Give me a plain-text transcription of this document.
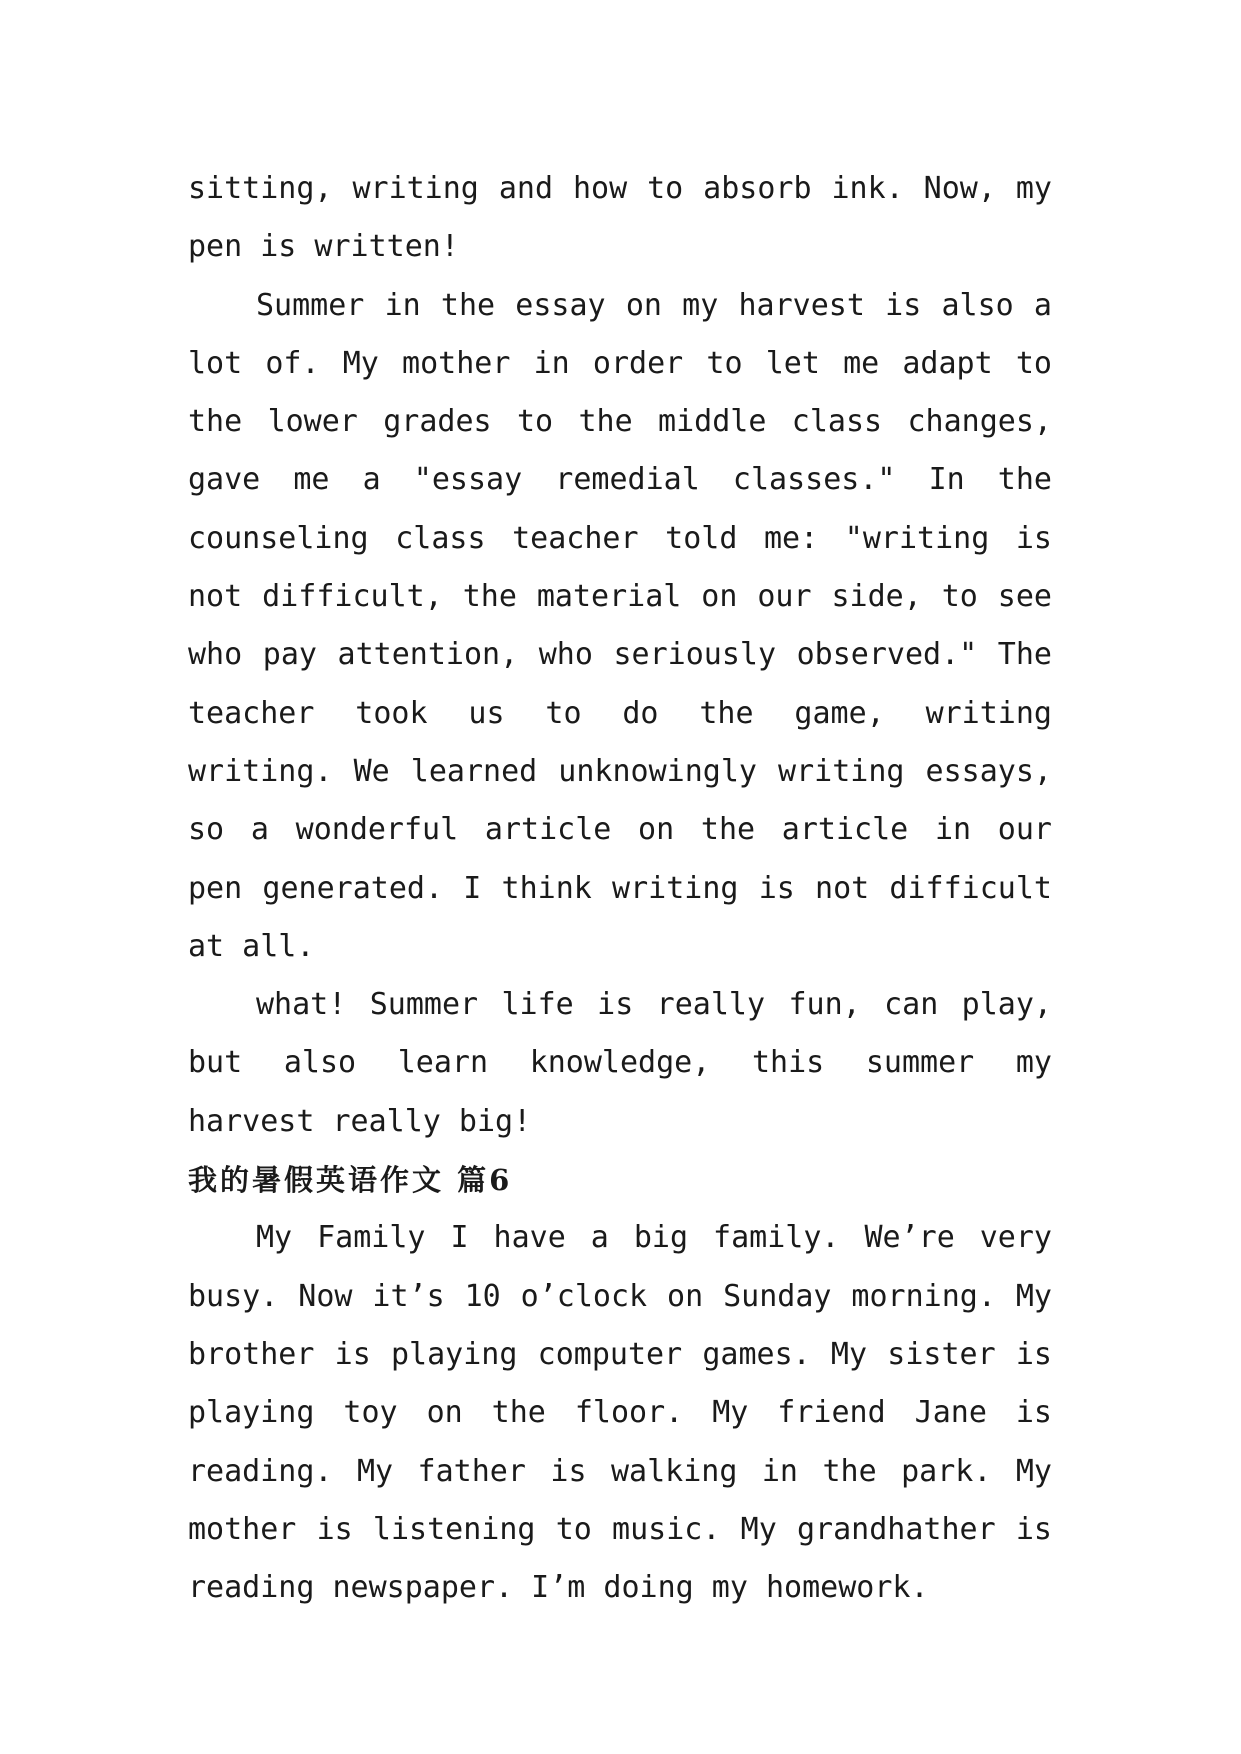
sitting, writing and how to absorb ink. Now, my pen is written!

Summer in the essay on my harvest is also a lot of. My mother in order to let me adapt to the lower grades to the middle class changes, gave me a "essay remedial classes." In the counseling class teacher told me: "writing is not difficult, the material on our side, to see who pay attention, who seriously observed." The teacher took us to do the game, writing writing. We learned unknowingly writing essays, so a wonderful article on the article in our pen generated. I think writing is not difficult at all.

what! Summer life is really fun, can play, but also learn knowledge, this summer my harvest really big!

我的暑假英语作文 篇6

My Family I have a big family. We’re very busy. Now it’s 10 o’clock on Sunday morning. My brother is playing computer games. My sister is playing toy on the floor. My friend Jane is reading. My father is walking in the park. My mother is listening to music. My grandhather is reading newspaper. I’m doing my homework.
